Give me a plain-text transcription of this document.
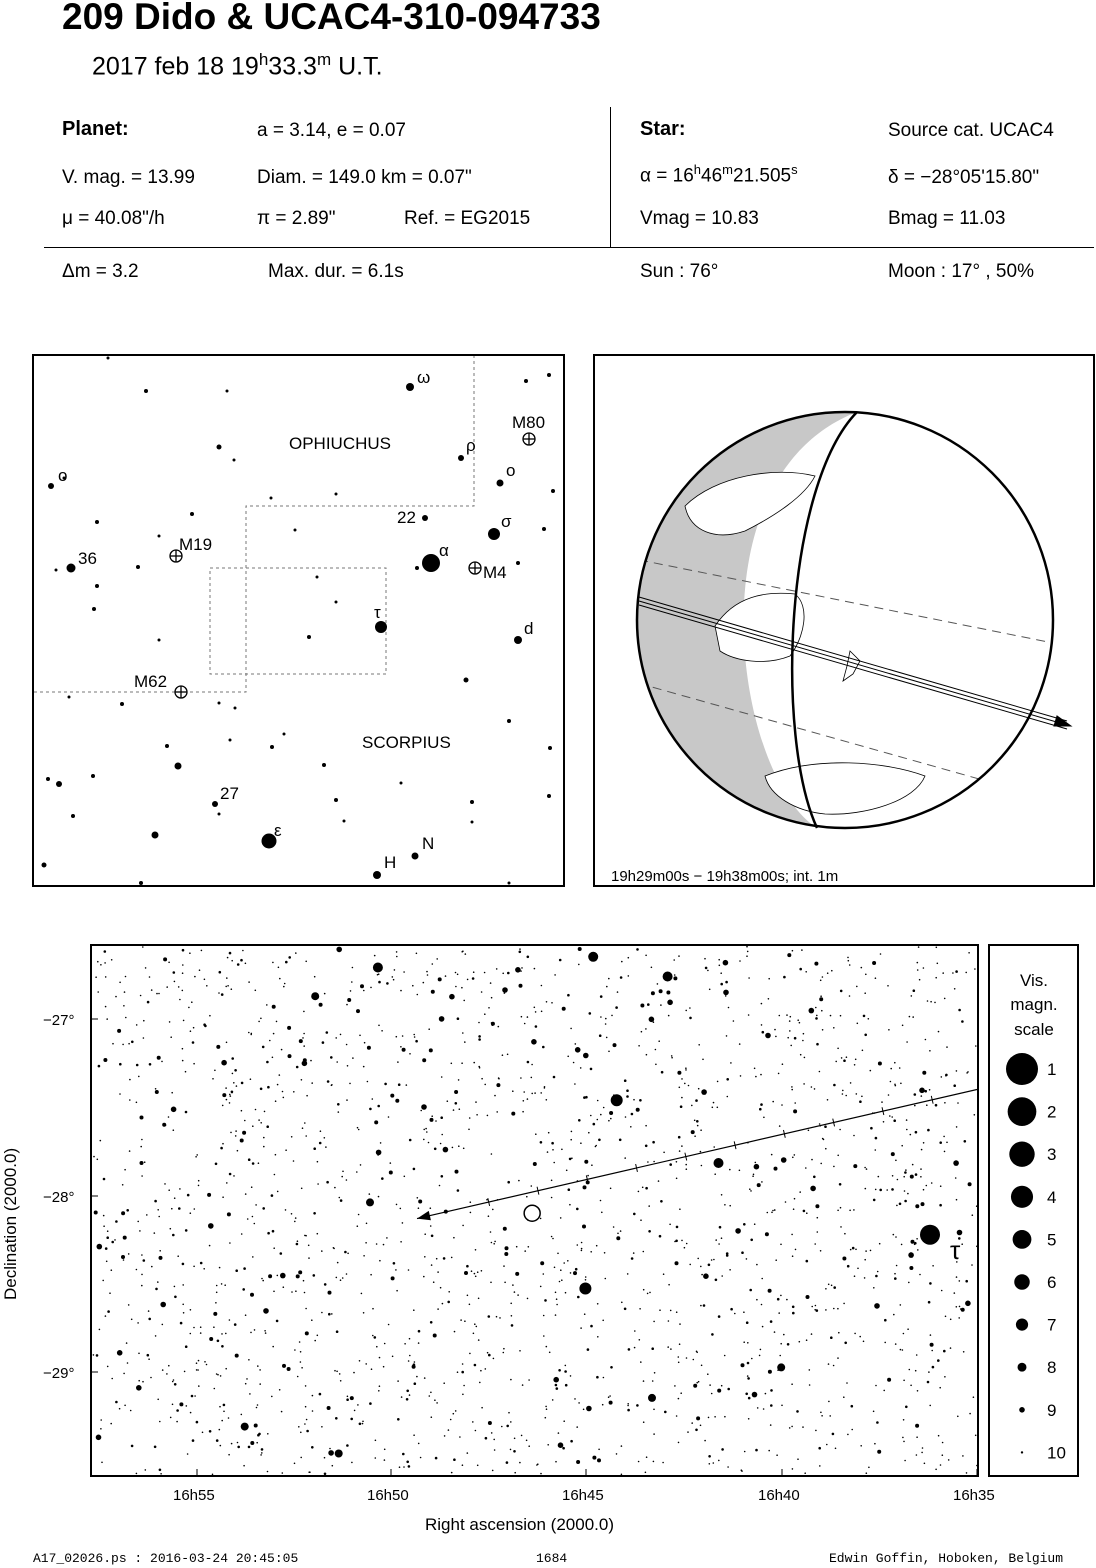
209 Dido & UCAC4-310-094733
2017 feb 18 19$^h$33.3$^m$ U.T.
Planet:	a = 3.14, e = 0.07
V. mag. = 13.99	Diam. = 149.0 km = 0.07"
μ = 40.08"/h	π = 2.89"	Ref. = EG2015
Star:	Source cat. UCAC4
$\alpha = 16^h46^m21.505^s$	δ = −28°05'15.80"
Vmag = 10.83	Bmag = 11.03
Δm = 3.2	Max. dur. = 6.1s	Sun : 76°	Moon : 17° , 50%
OPHIUCHUS
SCORPIUS
ω
M80
ρ
ο
ο
22	σ
36
M19	α
M4
τ
d
M62
27
ε
N
H
19h29m00s − 19h38m00s; int. 1m
τ
−27°
−28°
−29°
16h55	16h50	16h45	16h40	16h35
Right ascension (2000.0)
Declination (2000.0)
Vis.
magn.
scale
1
2
3
4
5
6
7
8
9
10
A17_02026.ps : 2016-03-24 20:45:05	1684	Edwin Goffin, Hoboken, Belgium
